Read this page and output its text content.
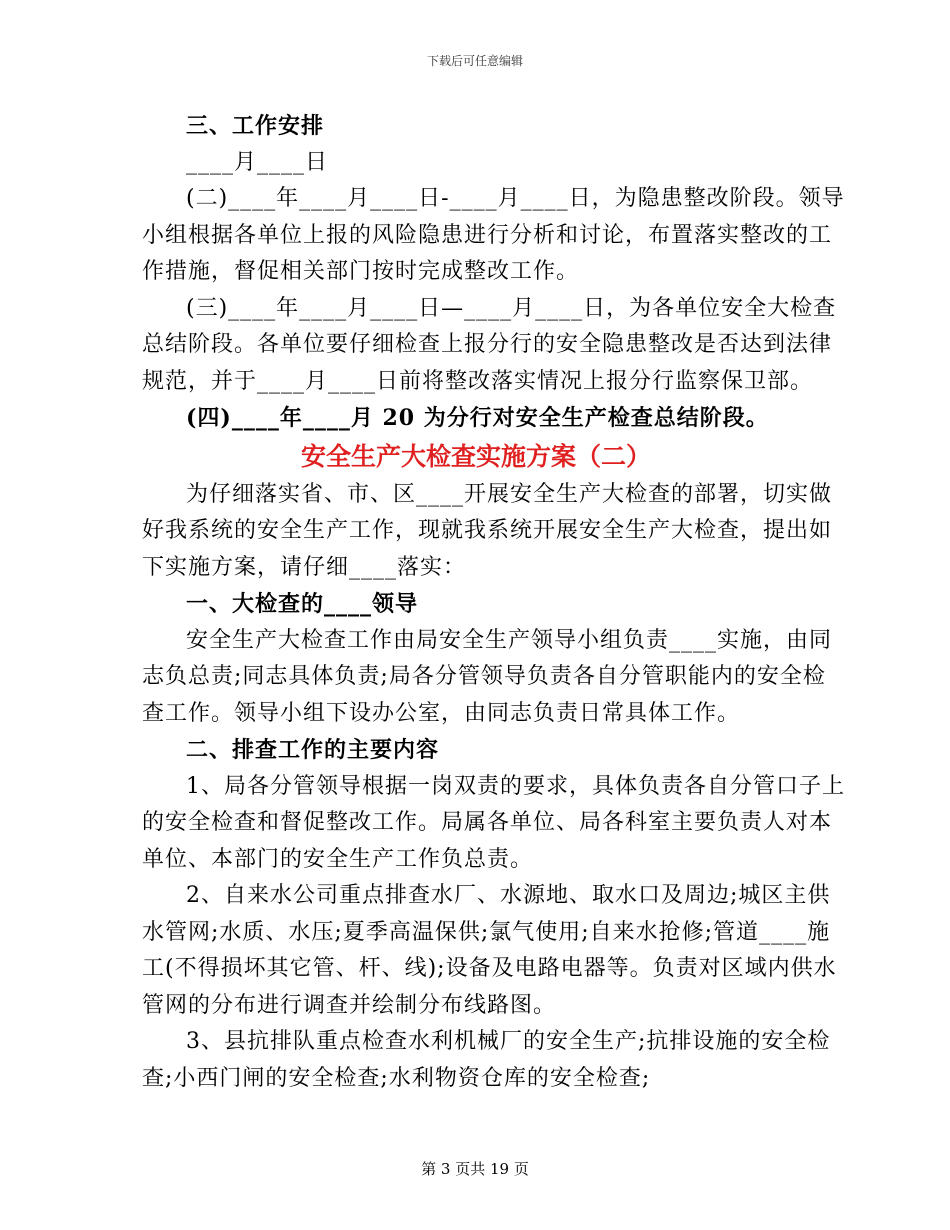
下载后可任意编辑
三、工作安排
____月____日
(二)____年____月____日-____月____日，为隐患整改阶段。领导
小组根据各单位上报的风险隐患进行分析和讨论，布置落实整改的工
作措施，督促相关部门按时完成整改工作。
(三)____年____月____日—____月____日，为各单位安全大检查
总结阶段。各单位要仔细检查上报分行的安全隐患整改是否达到法律
规范，并于____月____日前将整改落实情况上报分行监察保卫部。
(四)____年____月 20 为分行对安全生产检查总结阶段。
安全生产大检查实施方案（二）
为仔细落实省、市、区____开展安全生产大检查的部署，切实做
好我系统的安全生产工作，现就我系统开展安全生产大检查，提出如
下实施方案，请仔细____落实：
一、大检查的____领导
安全生产大检查工作由局安全生产领导小组负责____实施，由同
志负总责;同志具体负责;局各分管领导负责各自分管职能内的安全检
查工作。领导小组下设办公室，由同志负责日常具体工作。
二、排查工作的主要内容
1、局各分管领导根据一岗双责的要求，具体负责各自分管口子上
的安全检查和督促整改工作。局属各单位、局各科室主要负责人对本
单位、本部门的安全生产工作负总责。
2、自来水公司重点排查水厂、水源地、取水口及周边;城区主供
水管网;水质、水压;夏季高温保供;氯气使用;自来水抢修;管道____施
工(不得损坏其它管、杆、线);设备及电路电器等。负责对区域内供水
管网的分布进行调查并绘制分布线路图。
3、县抗排队重点检查水利机械厂的安全生产;抗排设施的安全检
查;小西门闸的安全检查;水利物资仓库的安全检查;
第 3 页共 19 页
